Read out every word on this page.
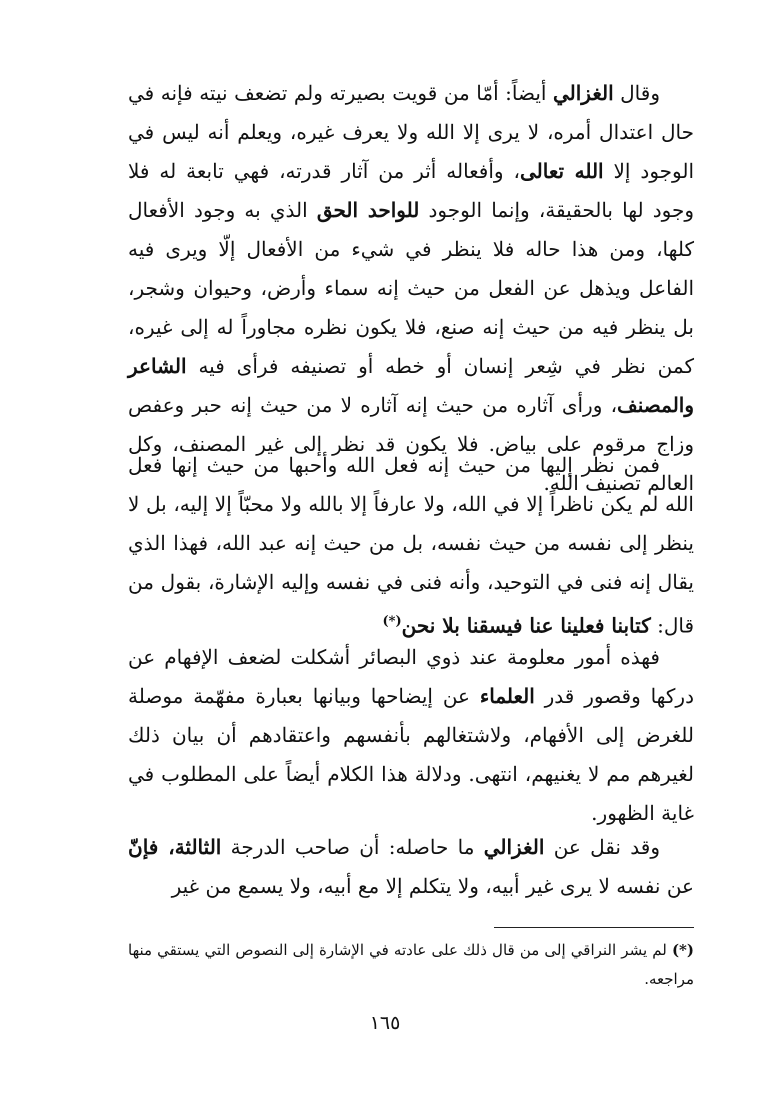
وقال الغزالي أيضاً: أمّا من قويت بصيرته ولم تضعف نيته فإنه في حال اعتدال أمره، لا يرى إلا الله ولا يعرف غيره، ويعلم أنه ليس في الوجود إلا الله تعالى، وأفعاله أثر من آثار قدرته، فهي تابعة له فلا وجود لها بالحقيقة، وإنما الوجود للواحد الحق الذي به وجود الأفعال كلها، ومن هذا حاله فلا ينظر في شيء من الأفعال إلّا ويرى فيه الفاعل ويذهل عن الفعل من حيث إنه سماء وأرض، وحيوان وشجر، بل ينظر فيه من حيث إنه صنع، فلا يكون نظره مجاوراً له إلى غيره، كمن نظر في شِعر إنسان أو خطه أو تصنيفه فرأى فيه الشاعر والمصنف، ورأى آثاره من حيث إنه آثاره لا من حيث إنه حبر وعفص وزاج مرقوم على بياض. فلا يكون قد نظر إلى غير المصنف، وكل العالم تصنيف الله.

فمن نظر إليها من حيث إنه فعل الله وأحبها من حيث إنها فعل الله لم يكن ناظراً إلا في الله، ولا عارفاً إلا بالله ولا محبّاً إلا إليه، بل لا ينظر إلى نفسه من حيث نفسه، بل من حيث إنه عبد الله، فهذا الذي يقال إنه فنى في التوحيد، وأنه فنى في نفسه وإليه الإشارة، بقول من قال: كتابنا فعلينا عنا فيسقنا بلا نحن(*)

فهذه أمور معلومة عند ذوي البصائر أشكلت لضعف الإفهام عن دركها وقصور قدر العلماء عن إيضاحها وبيانها بعبارة مفهّمة موصلة للغرض إلى الأفهام، ولاشتغالهم بأنفسهم واعتقادهم أن بيان ذلك لغيرهم مم لا يغنيهم، انتهى. ودلالة هذا الكلام أيضاً على المطلوب في غاية الظهور.

وقد نقل عن الغزالي ما حاصله: أن صاحب الدرجة الثالثة، فإنّ عن نفسه لا يرى غير أبيه، ولا يتكلم إلا مع أبيه، ولا يسمع من غير

(*) لم يشر النراقي إلى من قال ذلك على عادته في الإشارة إلى النصوص التي يستقي منها مراجعه.

١٦٥
